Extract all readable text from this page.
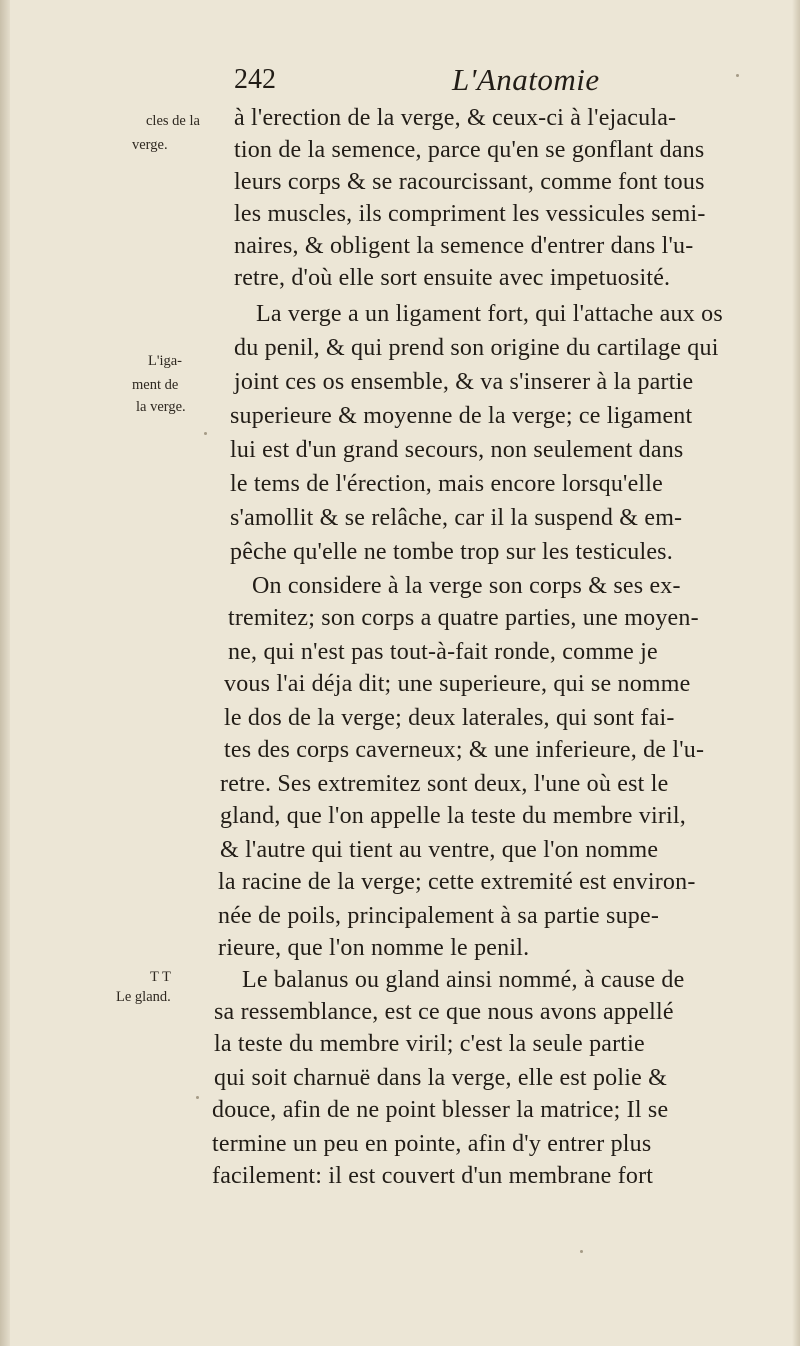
242	L'Anatomie
cles de la
verge.
L'iga-
ment de
la verge.
T T
Le gland.
à l'erection de la verge, & ceux-ci à l'ejacula-
tion de la semence, parce qu'en se gonflant dans
leurs corps & se racourcissant, comme font tous
les muscles, ils compriment les vessicules semi-
naires, & obligent la semence d'entrer dans l'u-
retre, d'où elle sort ensuite avec impetuosité.
La verge a un ligament fort, qui l'attache aux os
du penil, & qui prend son origine du cartilage qui
joint ces os ensemble, & va s'inserer à la partie
superieure & moyenne de la verge; ce ligament
lui est d'un grand secours, non seulement dans
le tems de l'érection, mais encore lorsqu'elle
s'amollit & se relâche, car il la suspend & em-
pêche qu'elle ne tombe trop sur les testicules.
On considere à la verge son corps & ses ex-
tremitez; son corps a quatre parties, une moyen-
ne, qui n'est pas tout-à-fait ronde, comme je
vous l'ai déja dit; une superieure, qui se nomme
le dos de la verge; deux laterales, qui sont fai-
tes des corps caverneux; & une inferieure, de l'u-
retre. Ses extremitez sont deux, l'une où est le
gland, que l'on appelle la teste du membre viril,
& l'autre qui tient au ventre, que l'on nomme
la racine de la verge; cette extremité est environ-
née de poils, principalement à sa partie supe-
rieure, que l'on nomme le penil.
Le balanus ou gland ainsi nommé, à cause de
sa ressemblance, est ce que nous avons appellé
la teste du membre viril; c'est la seule partie
qui soit charnuë dans la verge, elle est polie &
douce, afin de ne point blesser la matrice; Il se
termine un peu en pointe, afin d'y entrer plus
facilement: il est couvert d'un membrane fort
